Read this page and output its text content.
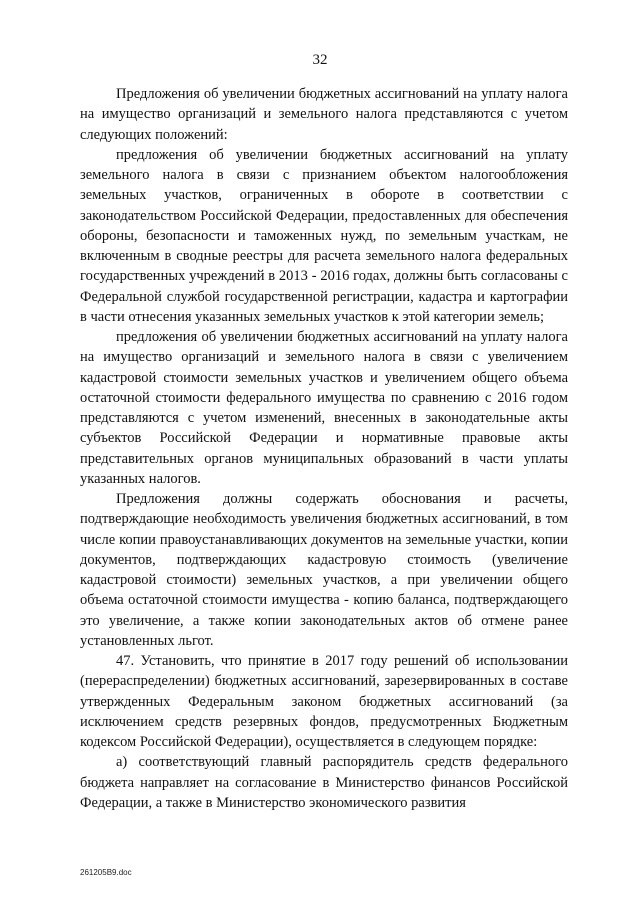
32

Предложения об увеличении бюджетных ассигнований на уплату налога на имущество организаций и земельного налога представляются с учетом следующих положений:

предложения об увеличении бюджетных ассигнований на уплату земельного налога в связи с признанием объектом налогообложения земельных участков, ограниченных в обороте в соответствии с законодательством Российской Федерации, предоставленных для обеспечения обороны, безопасности и таможенных нужд, по земельным участкам, не включенным в сводные реестры для расчета земельного налога федеральных государственных учреждений в 2013 - 2016 годах, должны быть согласованы с Федеральной службой государственной регистрации, кадастра и картографии в части отнесения указанных земельных участков к этой категории земель;

предложения об увеличении бюджетных ассигнований на уплату налога на имущество организаций и земельного налога в связи с увеличением кадастровой стоимости земельных участков и увеличением общего объема остаточной стоимости федерального имущества по сравнению с 2016 годом представляются с учетом изменений, внесенных в законодательные акты субъектов Российской Федерации и нормативные правовые акты представительных органов муниципальных образований в части уплаты указанных налогов.

Предложения должны содержать обоснования и расчеты, подтверждающие необходимость увеличения бюджетных ассигнований, в том числе копии правоустанавливающих документов на земельные участки, копии документов, подтверждающих кадастровую стоимость (увеличение кадастровой стоимости) земельных участков, а при увеличении общего объема остаточной стоимости имущества - копию баланса, подтверждающего это увеличение, а также копии законодательных актов об отмене ранее установленных льгот.

47. Установить, что принятие в 2017 году решений об использовании (перераспределении) бюджетных ассигнований, зарезервированных в составе утвержденных Федеральным законом бюджетных ассигнований (за исключением средств резервных фондов, предусмотренных Бюджетным кодексом Российской Федерации), осуществляется в следующем порядке:

а) соответствующий главный распорядитель средств федерального бюджета направляет на согласование в Министерство финансов Российской Федерации, а также в Министерство экономического развития

261205B9.doc
